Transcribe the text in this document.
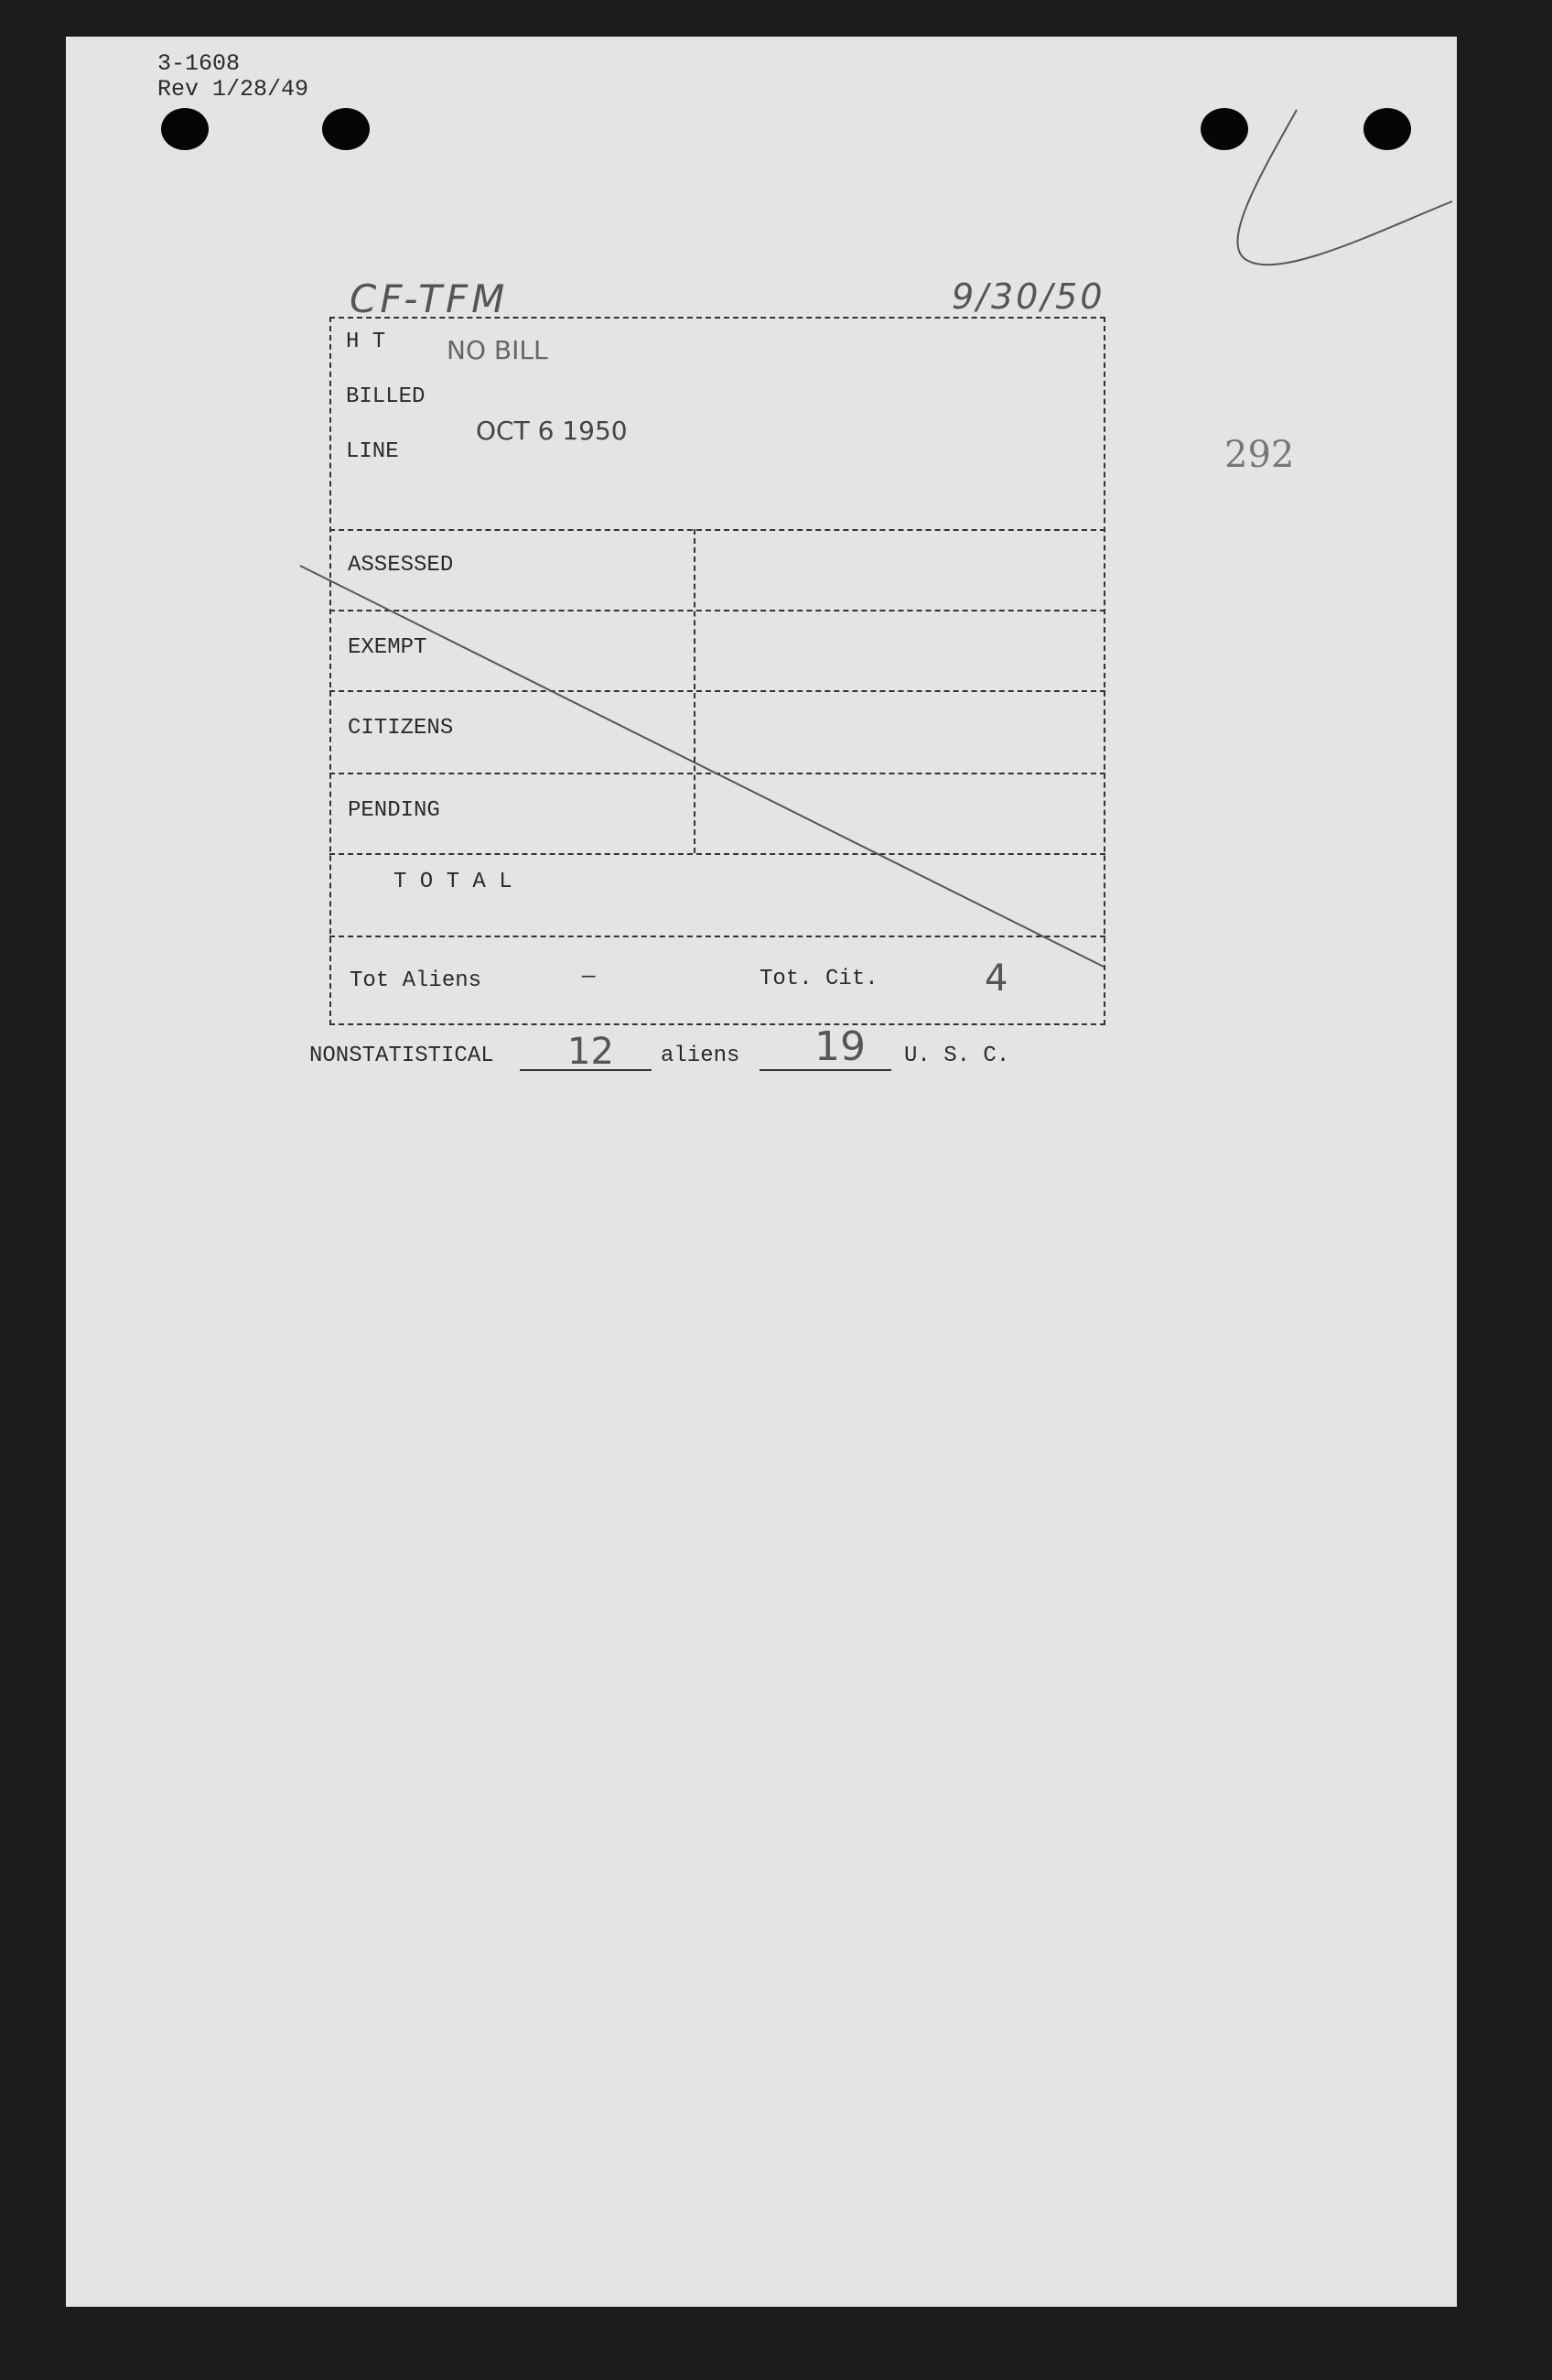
3-1608
Rev 1/28/49
CF-TFM	9/30/50
292
H T NO BILL
BILLED
OCT 6 1950
LINE
ASSESSED
EXEMPT
CITIZENS
PENDING
T O T A L
Tot Aliens	—	Tot. Cit.	4
NONSTATISTICAL 12 aliens 19 U. S. C.
